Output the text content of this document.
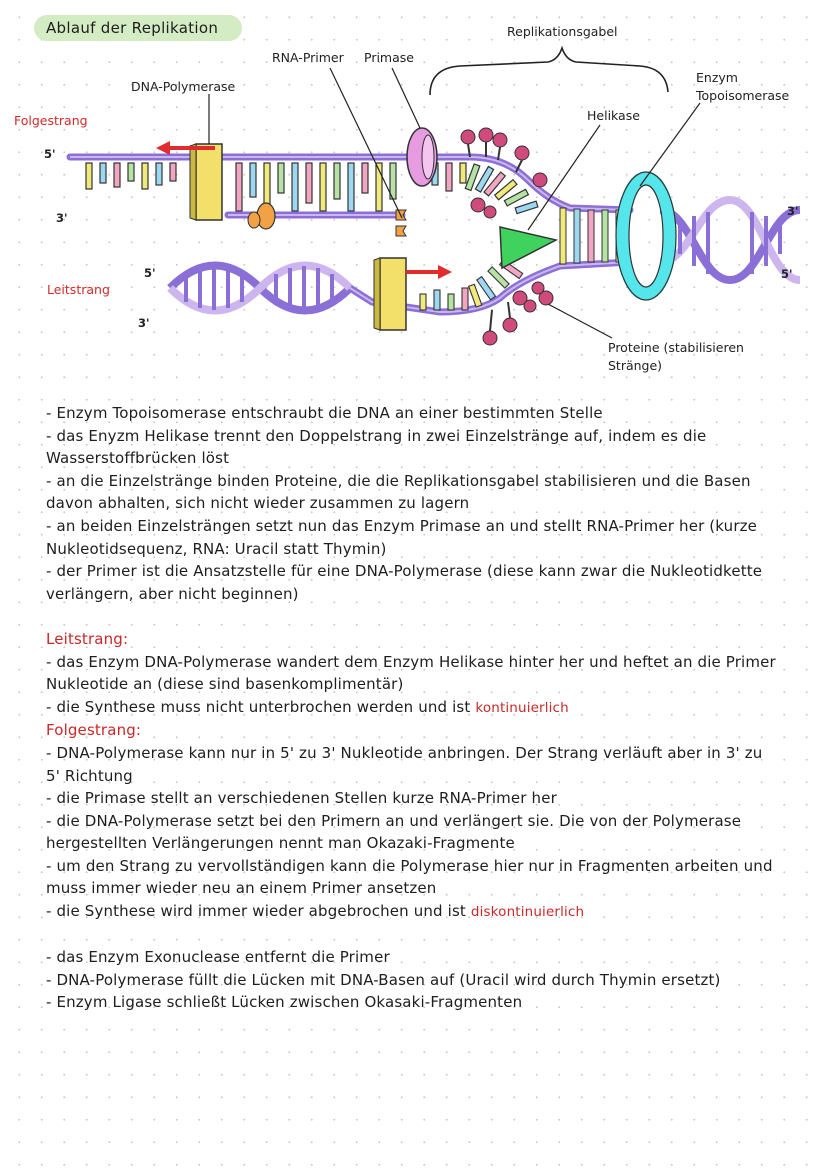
Ablauf der Replikation
Folgestrang
Leitstrang
DNA-Polymerase
RNA-Primer Primase
Replikationsgabel
Helikase
Enzym
Topoisomerase
Proteine (stabilisieren
Stränge)
5'
3'
5'
3'
3'
5'

- Enzym Topoisomerase entschraubt die DNA an einer bestimmten Stelle

- das Enyzm Helikase trennt den Doppelstrang in zwei Einzelstränge auf, indem es die

Wasserstoffbrücken löst

- an die Einzelstränge binden Proteine, die die Replikationsgabel stabilisieren und die Basen

davon abhalten, sich nicht wieder zusammen zu lagern

- an beiden Einzelsträngen setzt nun das Enzym Primase an und stellt RNA-Primer her (kurze

Nukleotidsequenz, RNA: Uracil statt Thymin)

- der Primer ist die Ansatzstelle für eine DNA-Polymerase (diese kann zwar die Nukleotidkette

verlängern, aber nicht beginnen)

Leitstrang:

- das Enzym DNA-Polymerase wandert dem Enzym Helikase hinter her und heftet an die Primer

Nukleotide an (diese sind basenkomplimentär)

- die Synthese muss nicht unterbrochen werden und ist kontinuierlich

Folgestrang:

- DNA-Polymerase kann nur in 5' zu 3' Nukleotide anbringen. Der Strang verläuft aber in 3' zu

5' Richtung

- die Primase stellt an verschiedenen Stellen kurze RNA-Primer her

- die DNA-Polymerase setzt bei den Primern an und verlängert sie. Die von der Polymerase

hergestellten Verlängerungen nennt man Okazaki-Fragmente

- um den Strang zu vervollständigen kann die Polymerase hier nur in Fragmenten arbeiten und

muss immer wieder neu an einem Primer ansetzen

- die Synthese wird immer wieder abgebrochen und ist diskontinuierlich

- das Enzym Exonuclease entfernt die Primer

- DNA-Polymerase füllt die Lücken mit DNA-Basen auf (Uracil wird durch Thymin ersetzt)

- Enzym Ligase schließt Lücken zwischen Okasaki-Fragmenten
